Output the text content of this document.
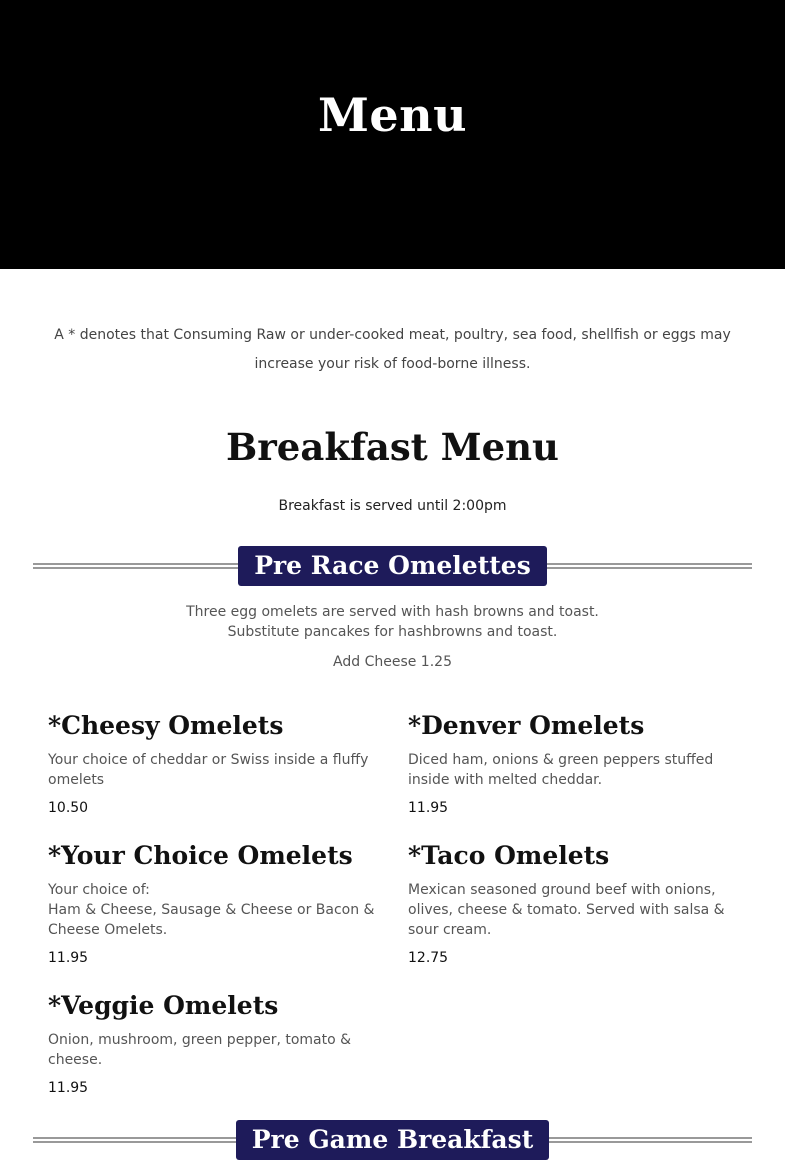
Menu

A * denotes that Consuming Raw or under-cooked meat, poultry, sea food, shellfish or eggs may increase your risk of food-borne illness.

Breakfast Menu
Breakfast is served until 2:00pm
Pre Race Omelettes
Three egg omelets are served with hash browns and toast.
Substitute pancakes for hashbrowns and toast.
Add Cheese 1.25
*Cheesy Omelets
Your choice of cheddar or Swiss inside a fluffy omelets
10.50
*Denver Omelets
Diced ham, onions & green peppers stuffed inside with melted cheddar.
11.95
*Your Choice Omelets
Your choice of:
Ham & Cheese, Sausage & Cheese or Bacon & Cheese Omelets.
11.95
*Taco Omelets
Mexican seasoned ground beef with onions, olives, cheese & tomato. Served with salsa & sour cream.
12.75
*Veggie Omelets
Onion, mushroom, green pepper, tomato & cheese.
11.95
Pre Game Breakfast
